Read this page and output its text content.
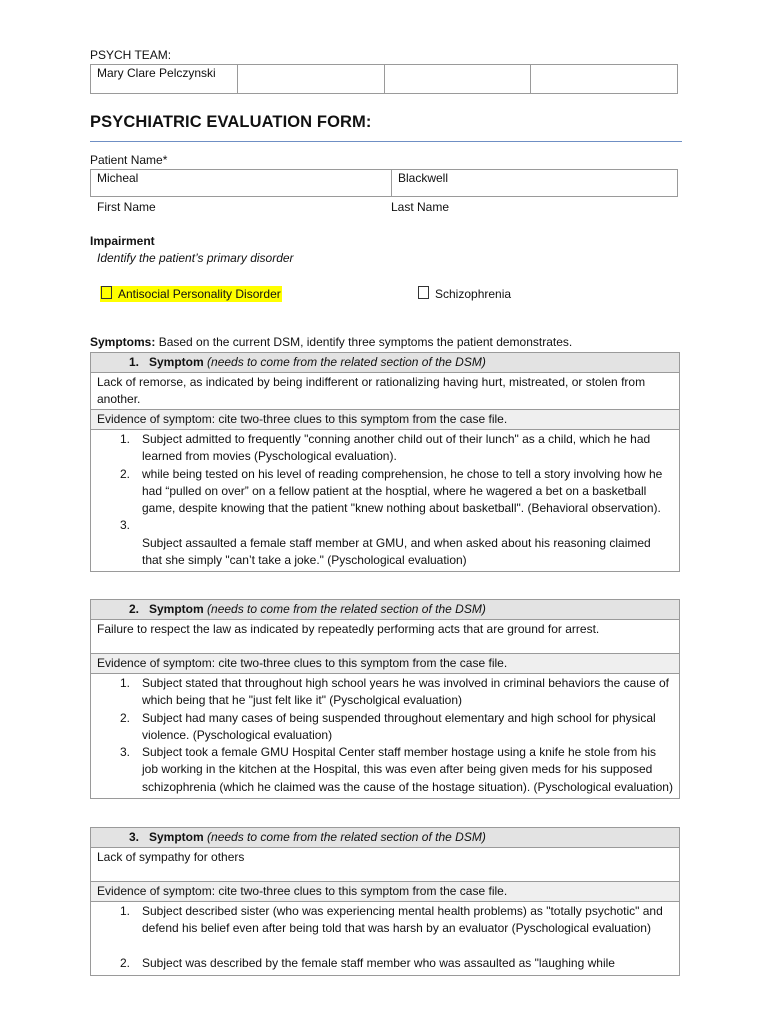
PSYCH TEAM:
Mary Clare Pelczynski			
PSYCHIATRIC EVALUATION FORM:
Patient Name*
Micheal	Blackwell
First Name	Last Name
Impairment
Identify the patient’s primary disorder
Antisocial Personality Disorder	Schizophrenia
Symptoms: Based on the current DSM, identify three symptoms the patient demonstrates.
1. Symptom (needs to come from the related section of the DSM)
Lack of remorse, as indicated by being indifferent or rationalizing having hurt, mistreated, or stolen from another.
Evidence of symptom: cite two-three clues to this symptom from the case file.
1. Subject admitted to frequently "conning another child out of their lunch" as a child, which he had learned from movies (Pyschological evaluation).
2. while being tested on his level of reading comprehension, he chose to tell a story involving how he had “pulled on over” on a fellow patient at the hosptial, where he wagered a bet on a basketball game, despite knowing that the patient "knew nothing about basketball". (Behavioral observation).
3.

Subject assaulted a female staff member at GMU, and when asked about his reasoning claimed that she simply "can’t take a joke." (Pyschological evaluation)
2. Symptom (needs to come from the related section of the DSM)
Failure to respect the law as indicated by repeatedly performing acts that are ground for arrest.
Evidence of symptom: cite two-three clues to this symptom from the case file.
1. Subject stated that throughout high school years he was involved in criminal behaviors the cause of which being that he "just felt like it" (Pyscholgical evaluation)
2. Subject had many cases of being suspended throughout elementary and high school for physical violence. (Pyschological evaluation)
3. Subject took a female GMU Hospital Center staff member hostage using a knife he stole from his job working in the kitchen at the Hospital, this was even after being given meds for his supposed schizophrenia (which he claimed was the cause of the hostage situation). (Pyschological evaluation)
3. Symptom (needs to come from the related section of the DSM)
Lack of sympathy for others
Evidence of symptom: cite two-three clues to this symptom from the case file.
1. Subject described sister (who was experiencing mental health problems) as "totally psychotic" and defend his belief even after being told that was harsh by an evaluator (Pyschological evaluation)
2. Subject was described by the female staff member who was assaulted as "laughing while
